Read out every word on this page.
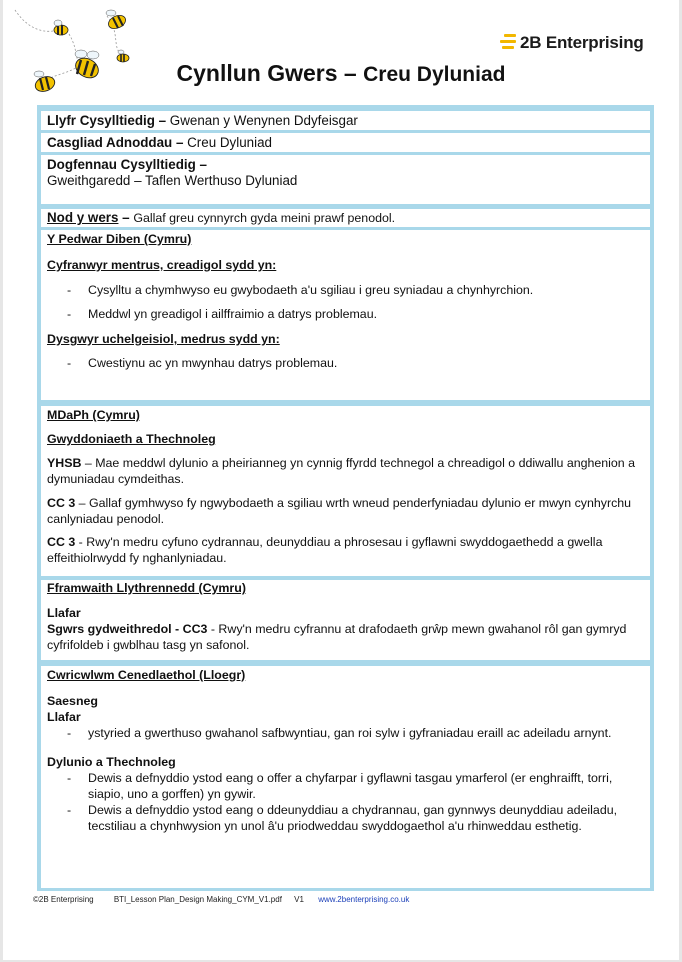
2B Enterprising
Cynllun Gwers – Creu Dyluniad
Llyfr Cysylltiedig – Gwenan y Wenynen Ddyfeisgar
Casgliad Adnoddau – Creu Dyluniad
Dogfennau Cysylltiedig –
Gweithgaredd – Taflen Werthuso Dyluniad
Nod y wers – Gallaf greu cynnyrch gyda meini prawf penodol.
Y Pedwar Diben (Cymru)
Cyfranwyr mentrus, creadigol sydd yn:
- Cysylltu a chymhwyso eu gwybodaeth a'u sgiliau i greu syniadau a chynhyrchion.
- Meddwl yn greadigol i ailffraimio a datrys problemau.
Dysgwyr uchelgeisiol, medrus sydd yn:
- Cwestiynu ac yn mwynhau datrys problemau.
MDaPh (Cymru)
Gwyddoniaeth a Thechnoleg
YHSB – Mae meddwl dylunio a pheirianneg yn cynnig ffyrdd technegol a chreadigol o ddiwallu anghenion a dymuniadau cymdeithas.
CC 3 – Gallaf gymhwyso fy ngwybodaeth a sgiliau wrth wneud penderfyniadau dylunio er mwyn cynhyrchu canlyniadau penodol.
CC 3 - Rwy'n medru cyfuno cydrannau, deunyddiau a phrosesau i gyflawni swyddogaethedd a gwella effeithiolrwydd fy nghanlyniadau.
Fframwaith Llythrennedd (Cymru)
Llafar
Sgwrs gydweithredol - CC3 - Rwy'n medru cyfrannu at drafodaeth grŵp mewn gwahanol rôl gan gymryd cyfrifoldeb i gwblhau tasg yn safonol.
Cwricwlwm Cenedlaethol (Lloegr)
Saesneg
Llafar
- ystyried a gwerthuso gwahanol safbwyntiau, gan roi sylw i gyfraniadau eraill ac adeiladu arnynt.
Dylunio a Thechnoleg
- Dewis a defnyddio ystod eang o offer a chyfarpar i gyflawni tasgau ymarferol (er enghraifft, torri, siapio, uno a gorffen) yn gywir.
- Dewis a defnyddio ystod eang o ddeunyddiau a chydrannau, gan gynnwys deunyddiau adeiladu, tecstiliau a chynhwysion yn unol â'u priodweddau swyddogaethol a'u rhinweddau esthetig.
©2B Enterprising	BTI_Lesson Plan_Design Making_CYM_V1.pdf V1 www.2benterprising.co.uk
